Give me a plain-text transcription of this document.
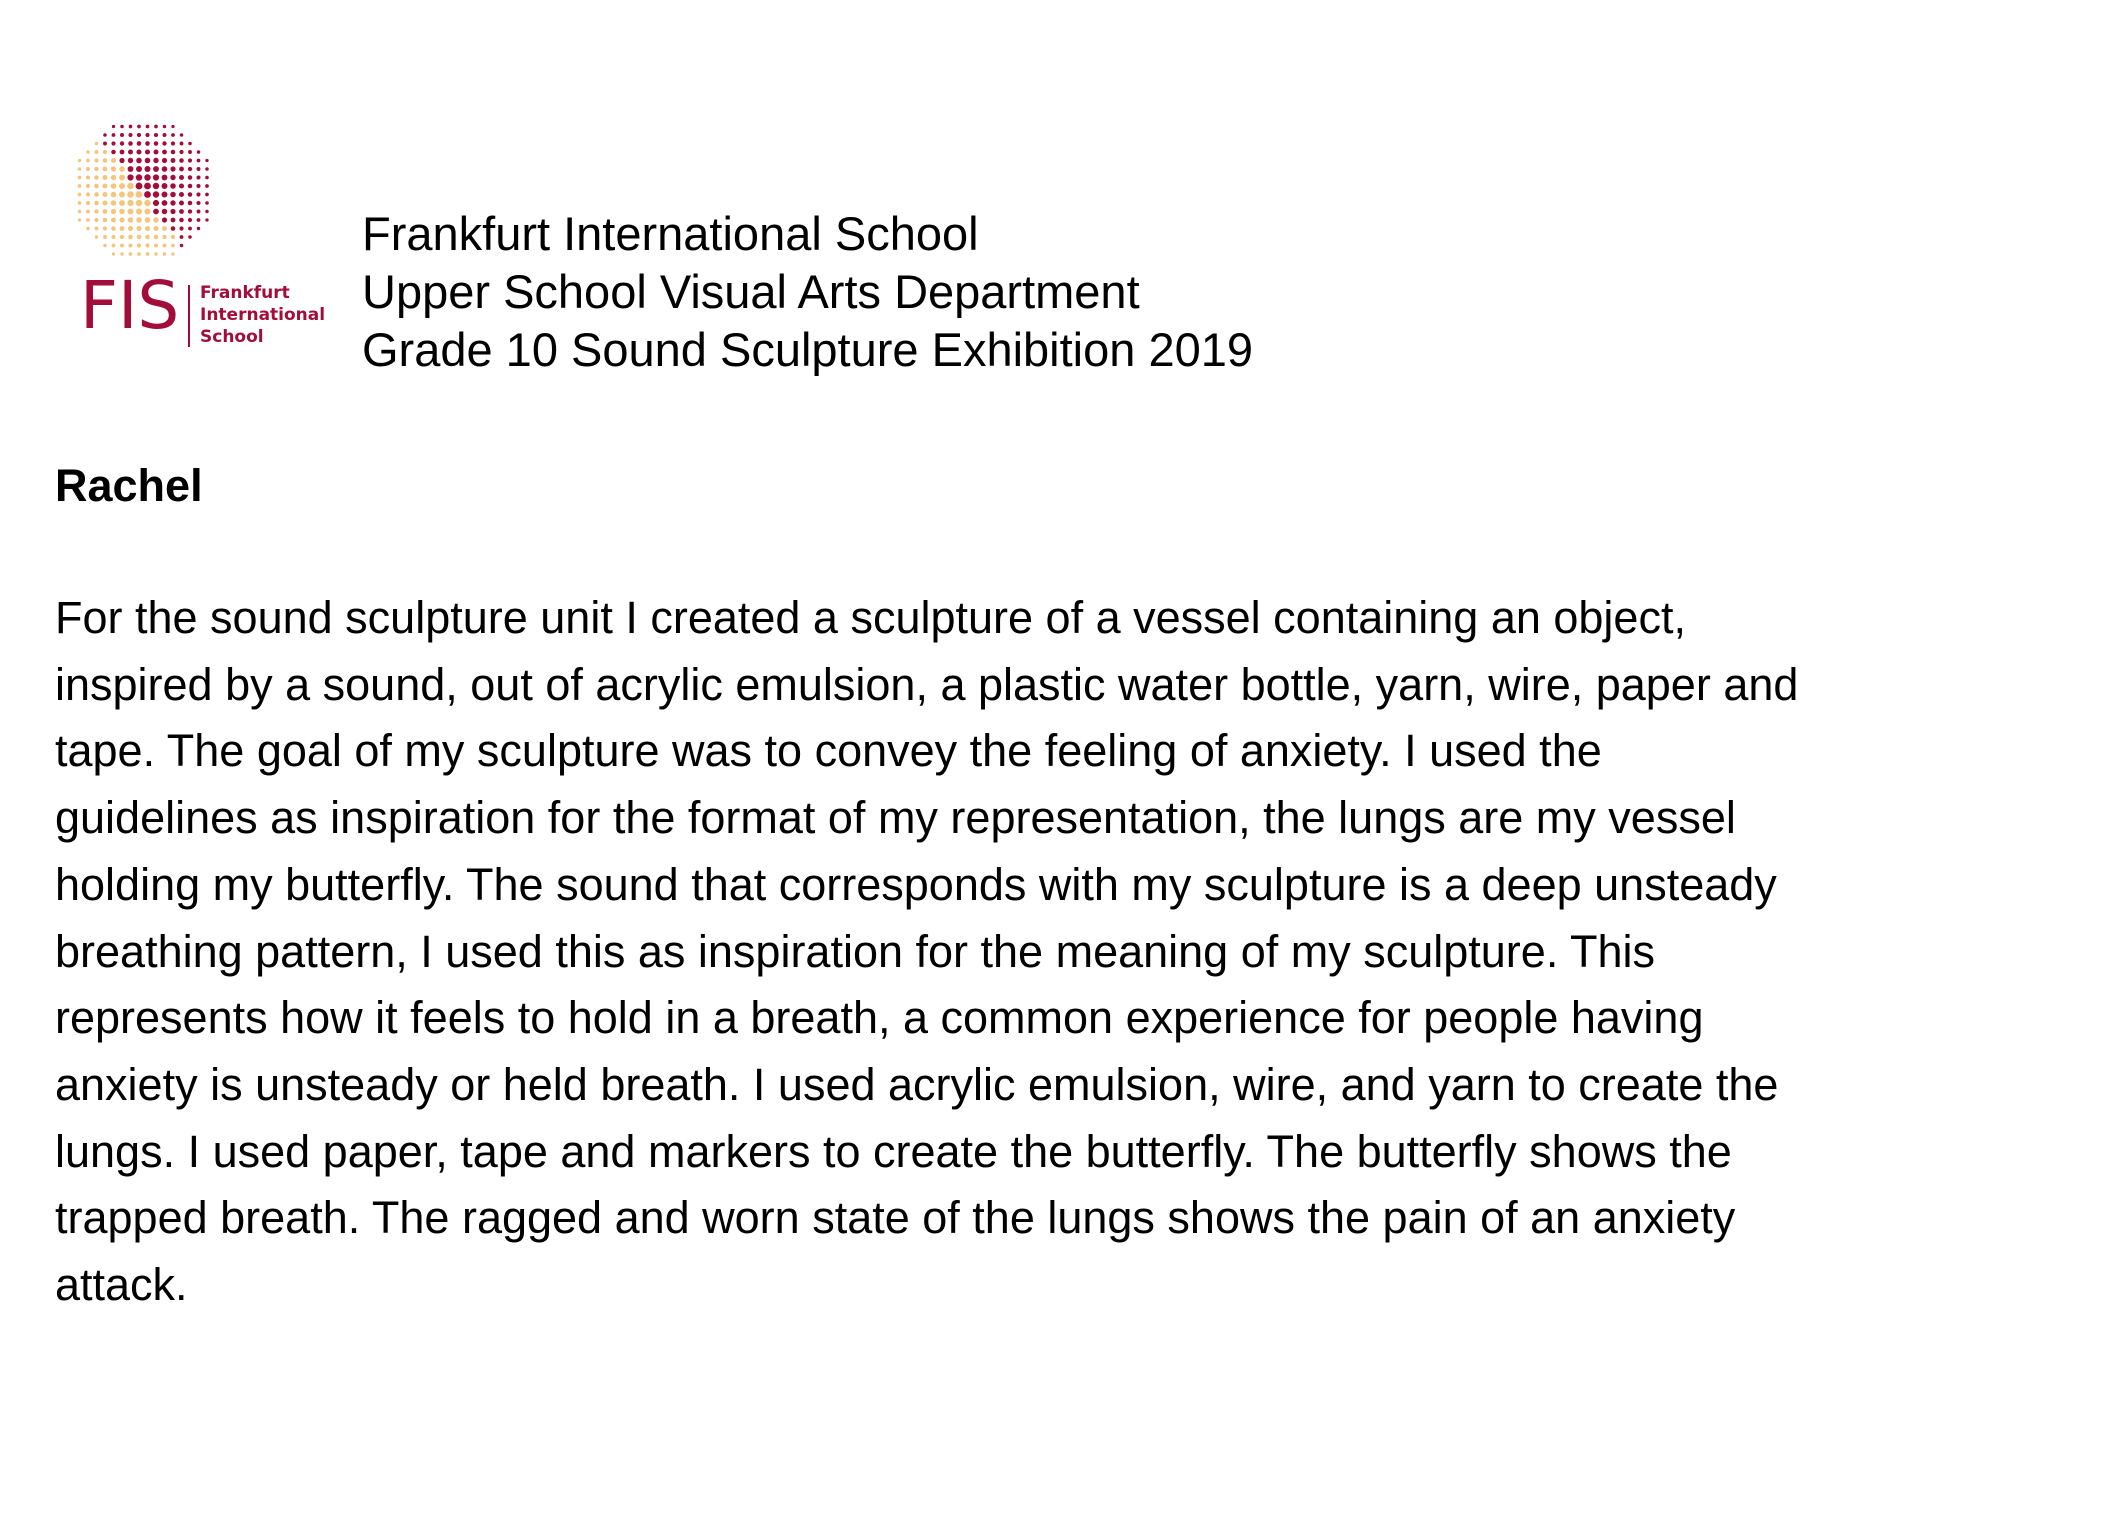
FIS Frankfurt
International
School
Frankfurt International School
Upper School Visual Arts Department
Grade 10 Sound Sculpture Exhibition 2019
Rachel
For the sound sculpture unit I created a sculpture of a vessel containing an object,
inspired by a sound, out of acrylic emulsion, a plastic water bottle, yarn, wire, paper and
tape. The goal of my sculpture was to convey the feeling of anxiety. I used the
guidelines as inspiration for the format of my representation, the lungs are my vessel
holding my butterfly. The sound that corresponds with my sculpture is a deep unsteady
breathing pattern, I used this as inspiration for the meaning of my sculpture. This
represents how it feels to hold in a breath, a common experience for people having
anxiety is unsteady or held breath. I used acrylic emulsion, wire, and yarn to create the
lungs. I used paper, tape and markers to create the butterfly. The butterfly shows the
trapped breath. The ragged and worn state of the lungs shows the pain of an anxiety
attack.
